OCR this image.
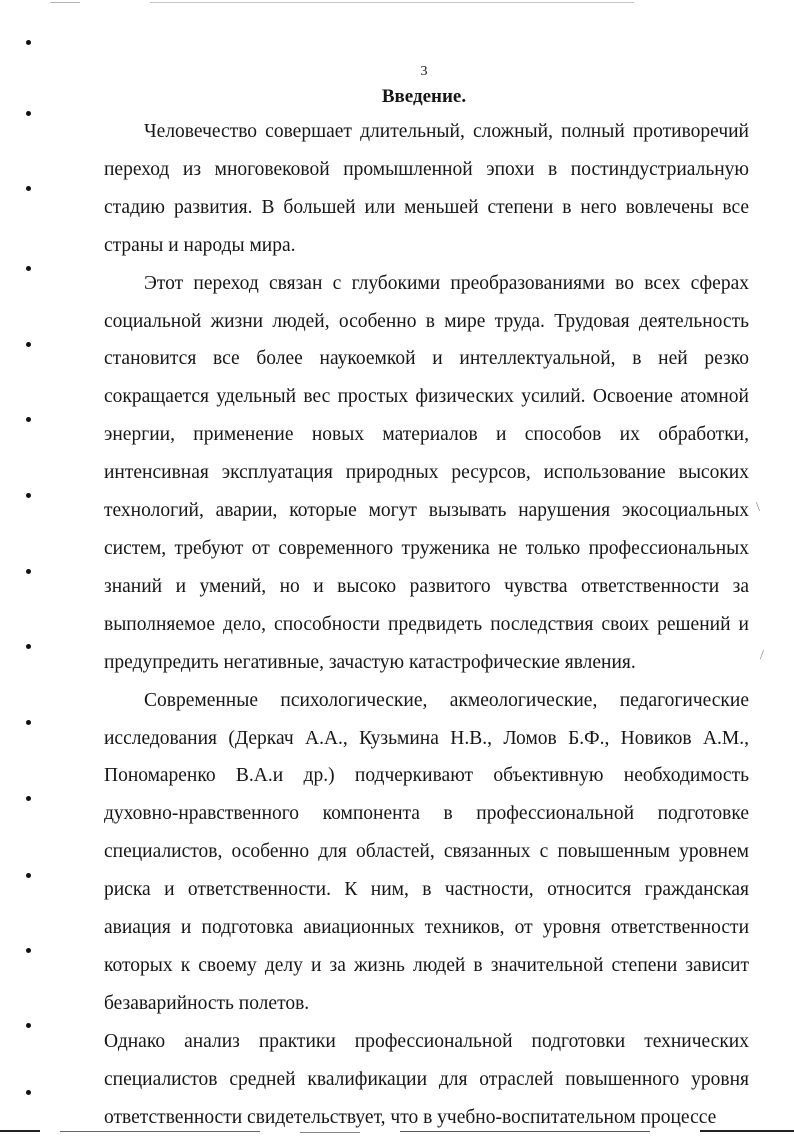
3
Введение.

Человечество совершает длительный, сложный, полный противоречий переход из многовековой промышленной эпохи в постиндустриальную стадию развития. В большей или меньшей степени в него вовлечены все страны и народы мира.

Этот переход связан с глубокими преобразованиями во всех сферах социальной жизни людей, особенно в мире труда. Трудовая деятельность становится все более наукоемкой и интеллектуальной, в ней резко сокращается удельный вес простых физических усилий. Освоение атомной энергии, применение новых материалов и способов их обработки, интенсивная эксплуатация природных ресурсов, использование высоких технологий, аварии, которые могут вызывать нарушения экосоциальных систем, требуют от современного труженика не только профессиональных знаний и умений, но и высоко развитого чувства ответственности за выполняемое дело, способности предвидеть последствия своих решений и предупредить негативные, зачастую катастрофические явления.

Современные психологические, акмеологические, педагогические исследования (Деркач А.А., Кузьмина Н.В., Ломов Б.Ф., Новиков А.М., Пономаренко В.А.и др.) подчеркивают объективную необходимость духовно-нравственного компонента в профессиональной подготовке специалистов, особенно для областей, связанных с повышенным уровнем риска и ответственности. К ним, в частности, относится гражданская авиация и подготовка авиационных техников, от уровня ответственности которых к своему делу и за жизнь людей в значительной степени зависит безаварийность полетов.

Однако анализ практики профессиональной подготовки технических специалистов средней квалификации для отраслей повышенного уровня ответственности свидетельствует, что в учебно-воспитательном процессе

\
/
